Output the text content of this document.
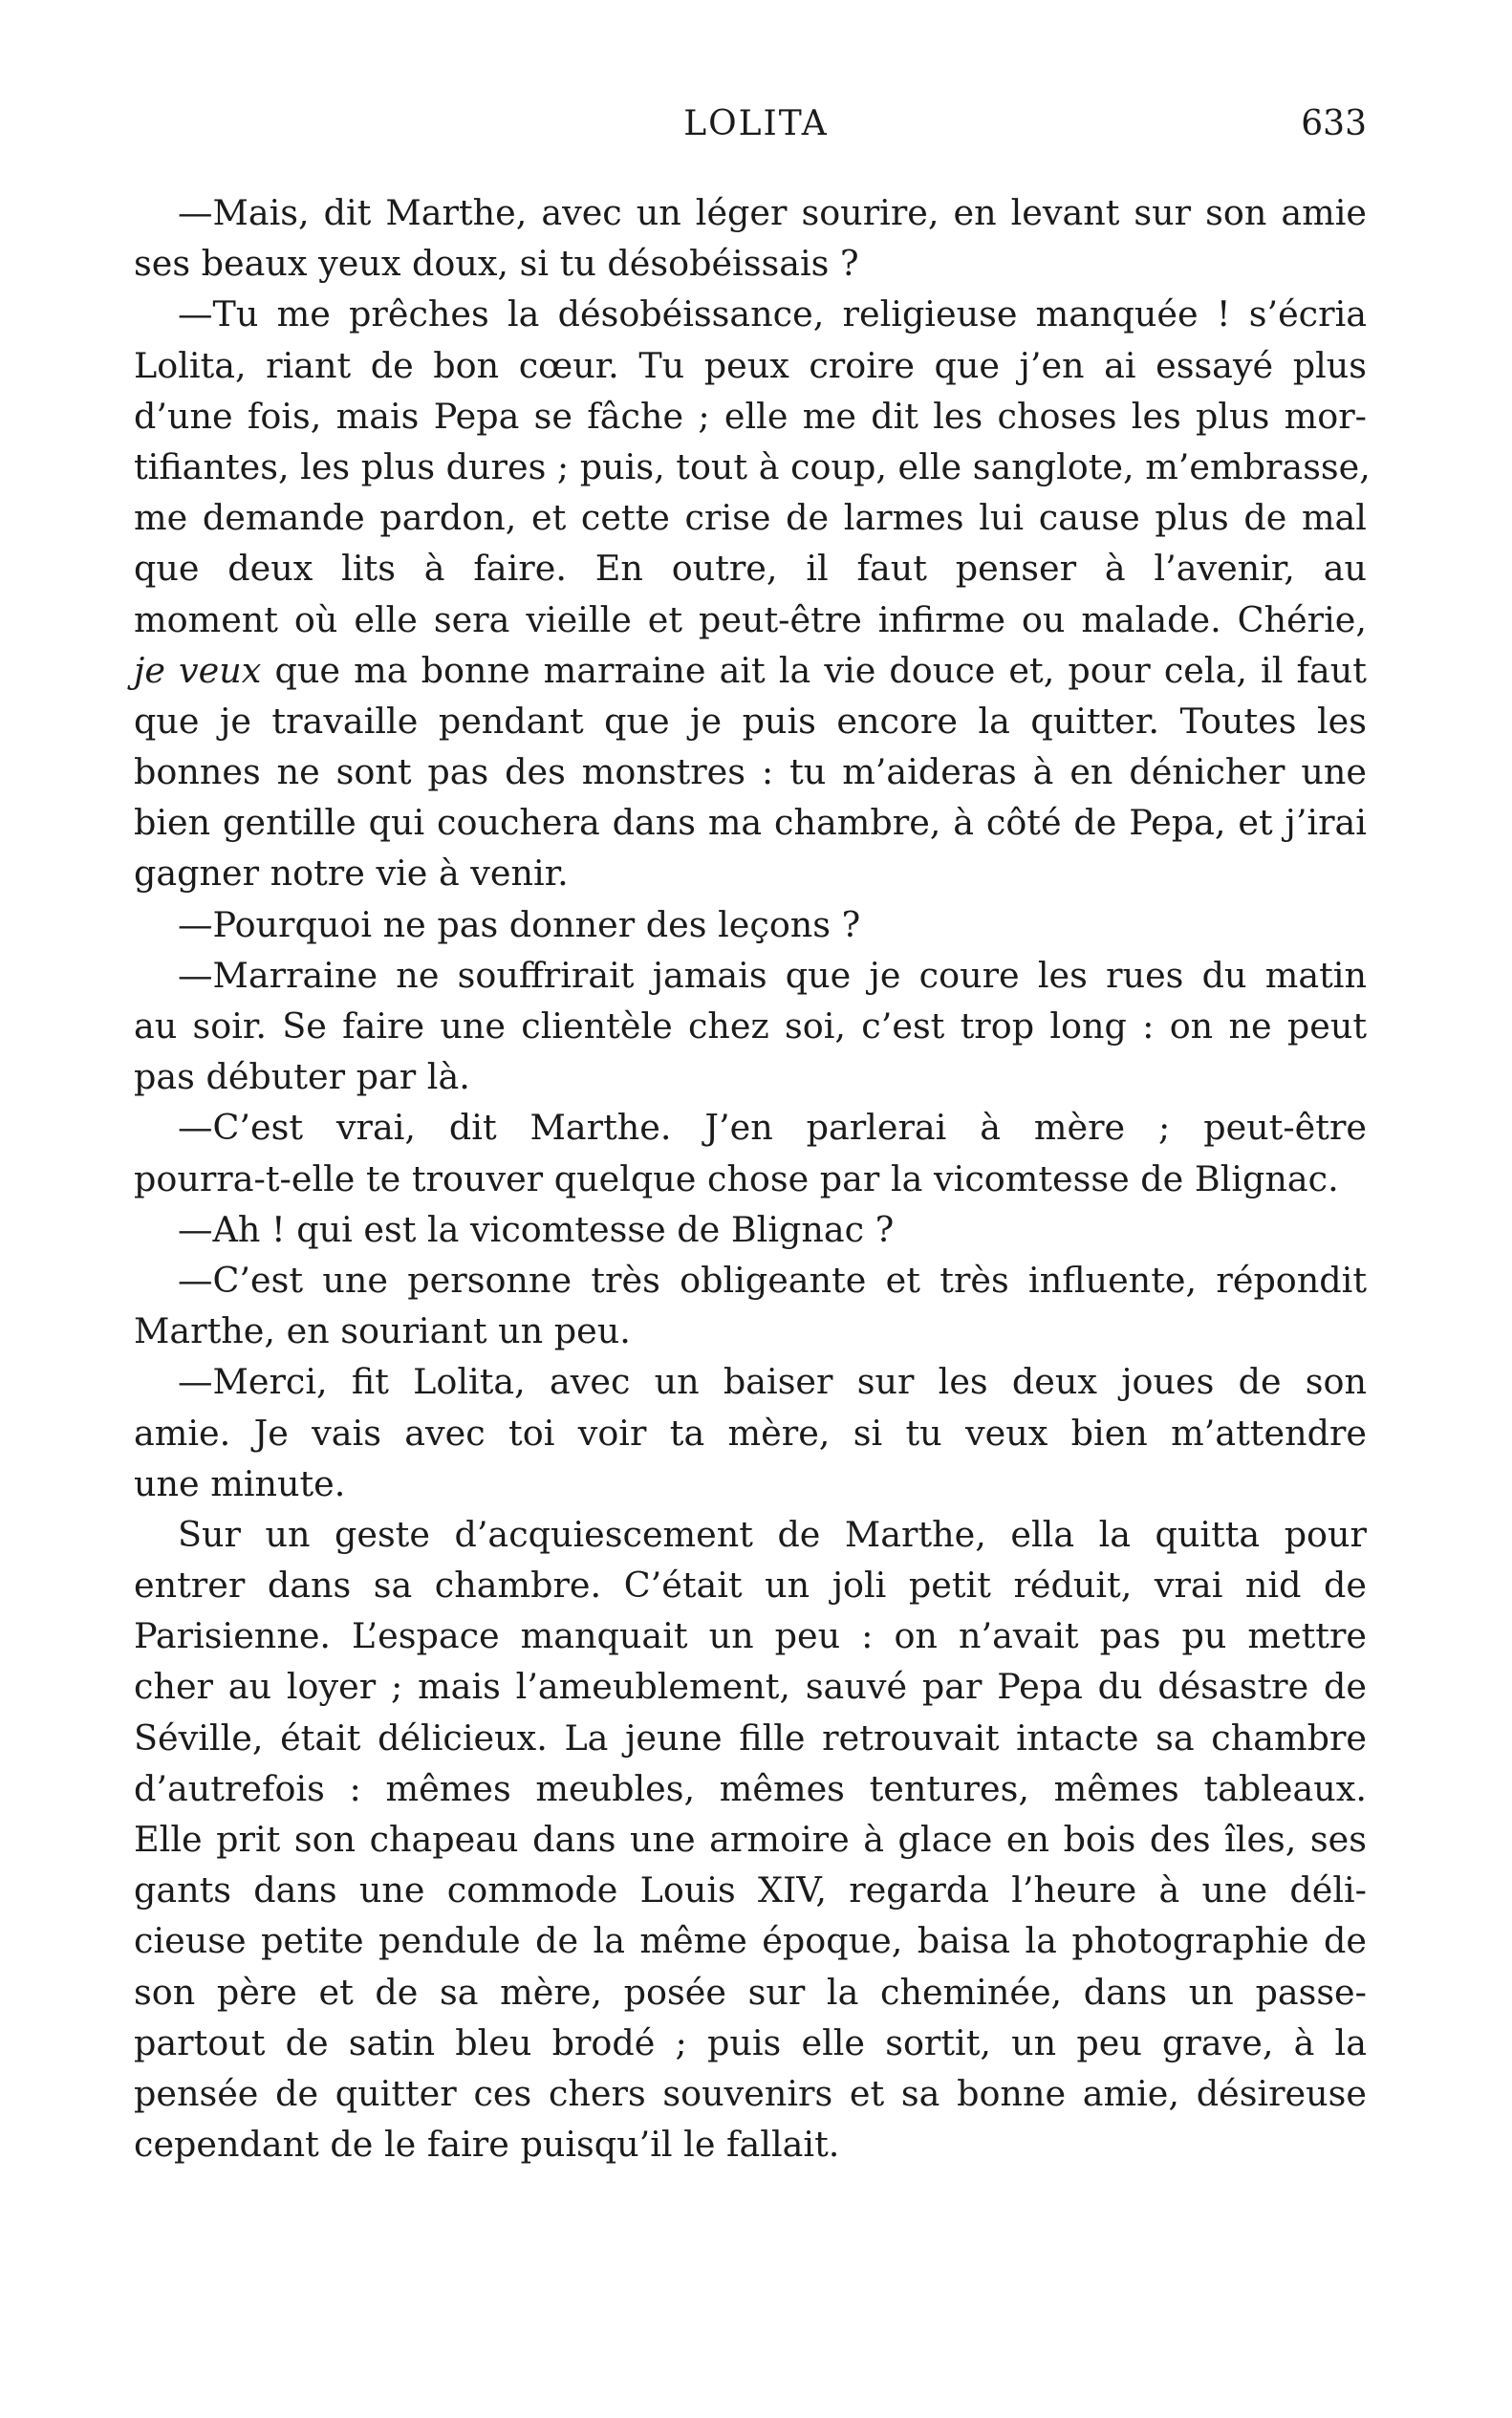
LOLITA	633
—Mais, dit Marthe, avec un léger sourire, en levant sur son amie
ses beaux yeux doux, si tu désobéissais ?
—Tu me prêches la désobéissance, religieuse manquée ! s’écria
Lolita, riant de bon cœur. Tu peux croire que j’en ai essayé plus
d’une fois, mais Pepa se fâche ; elle me dit les choses les plus mor-
tifiantes, les plus dures ; puis, tout à coup, elle sanglote, m’embrasse,
me demande pardon, et cette crise de larmes lui cause plus de mal
que deux lits à faire. En outre, il faut penser à l’avenir, au
moment où elle sera vieille et peut-être infirme ou malade. Chérie,
je veux que ma bonne marraine ait la vie douce et, pour cela, il faut
que je travaille pendant que je puis encore la quitter. Toutes les
bonnes ne sont pas des monstres : tu m’aideras à en dénicher une
bien gentille qui couchera dans ma chambre, à côté de Pepa, et j’irai
gagner notre vie à venir.
—Pourquoi ne pas donner des leçons ?
—Marraine ne souffrirait jamais que je coure les rues du matin
au soir. Se faire une clientèle chez soi, c’est trop long : on ne peut
pas débuter par là.
—C’est vrai, dit Marthe. J’en parlerai à mère ; peut-être
pourra-t-elle te trouver quelque chose par la vicomtesse de Blignac.
—Ah ! qui est la vicomtesse de Blignac ?
—C’est une personne très obligeante et très influente, répondit
Marthe, en souriant un peu.
—Merci, fit Lolita, avec un baiser sur les deux joues de son
amie. Je vais avec toi voir ta mère, si tu veux bien m’attendre
une minute.
Sur un geste d’acquiescement de Marthe, ella la quitta pour
entrer dans sa chambre. C’était un joli petit réduit, vrai nid de
Parisienne. L’espace manquait un peu : on n’avait pas pu mettre
cher au loyer ; mais l’ameublement, sauvé par Pepa du désastre de
Séville, était délicieux. La jeune fille retrouvait intacte sa chambre
d’autrefois : mêmes meubles, mêmes tentures, mêmes tableaux.
Elle prit son chapeau dans une armoire à glace en bois des îles, ses
gants dans une commode Louis XIV, regarda l’heure à une déli-
cieuse petite pendule de la même époque, baisa la photographie de
son père et de sa mère, posée sur la cheminée, dans un passe-
partout de satin bleu brodé ; puis elle sortit, un peu grave, à la
pensée de quitter ces chers souvenirs et sa bonne amie, désireuse
cependant de le faire puisqu’il le fallait.
